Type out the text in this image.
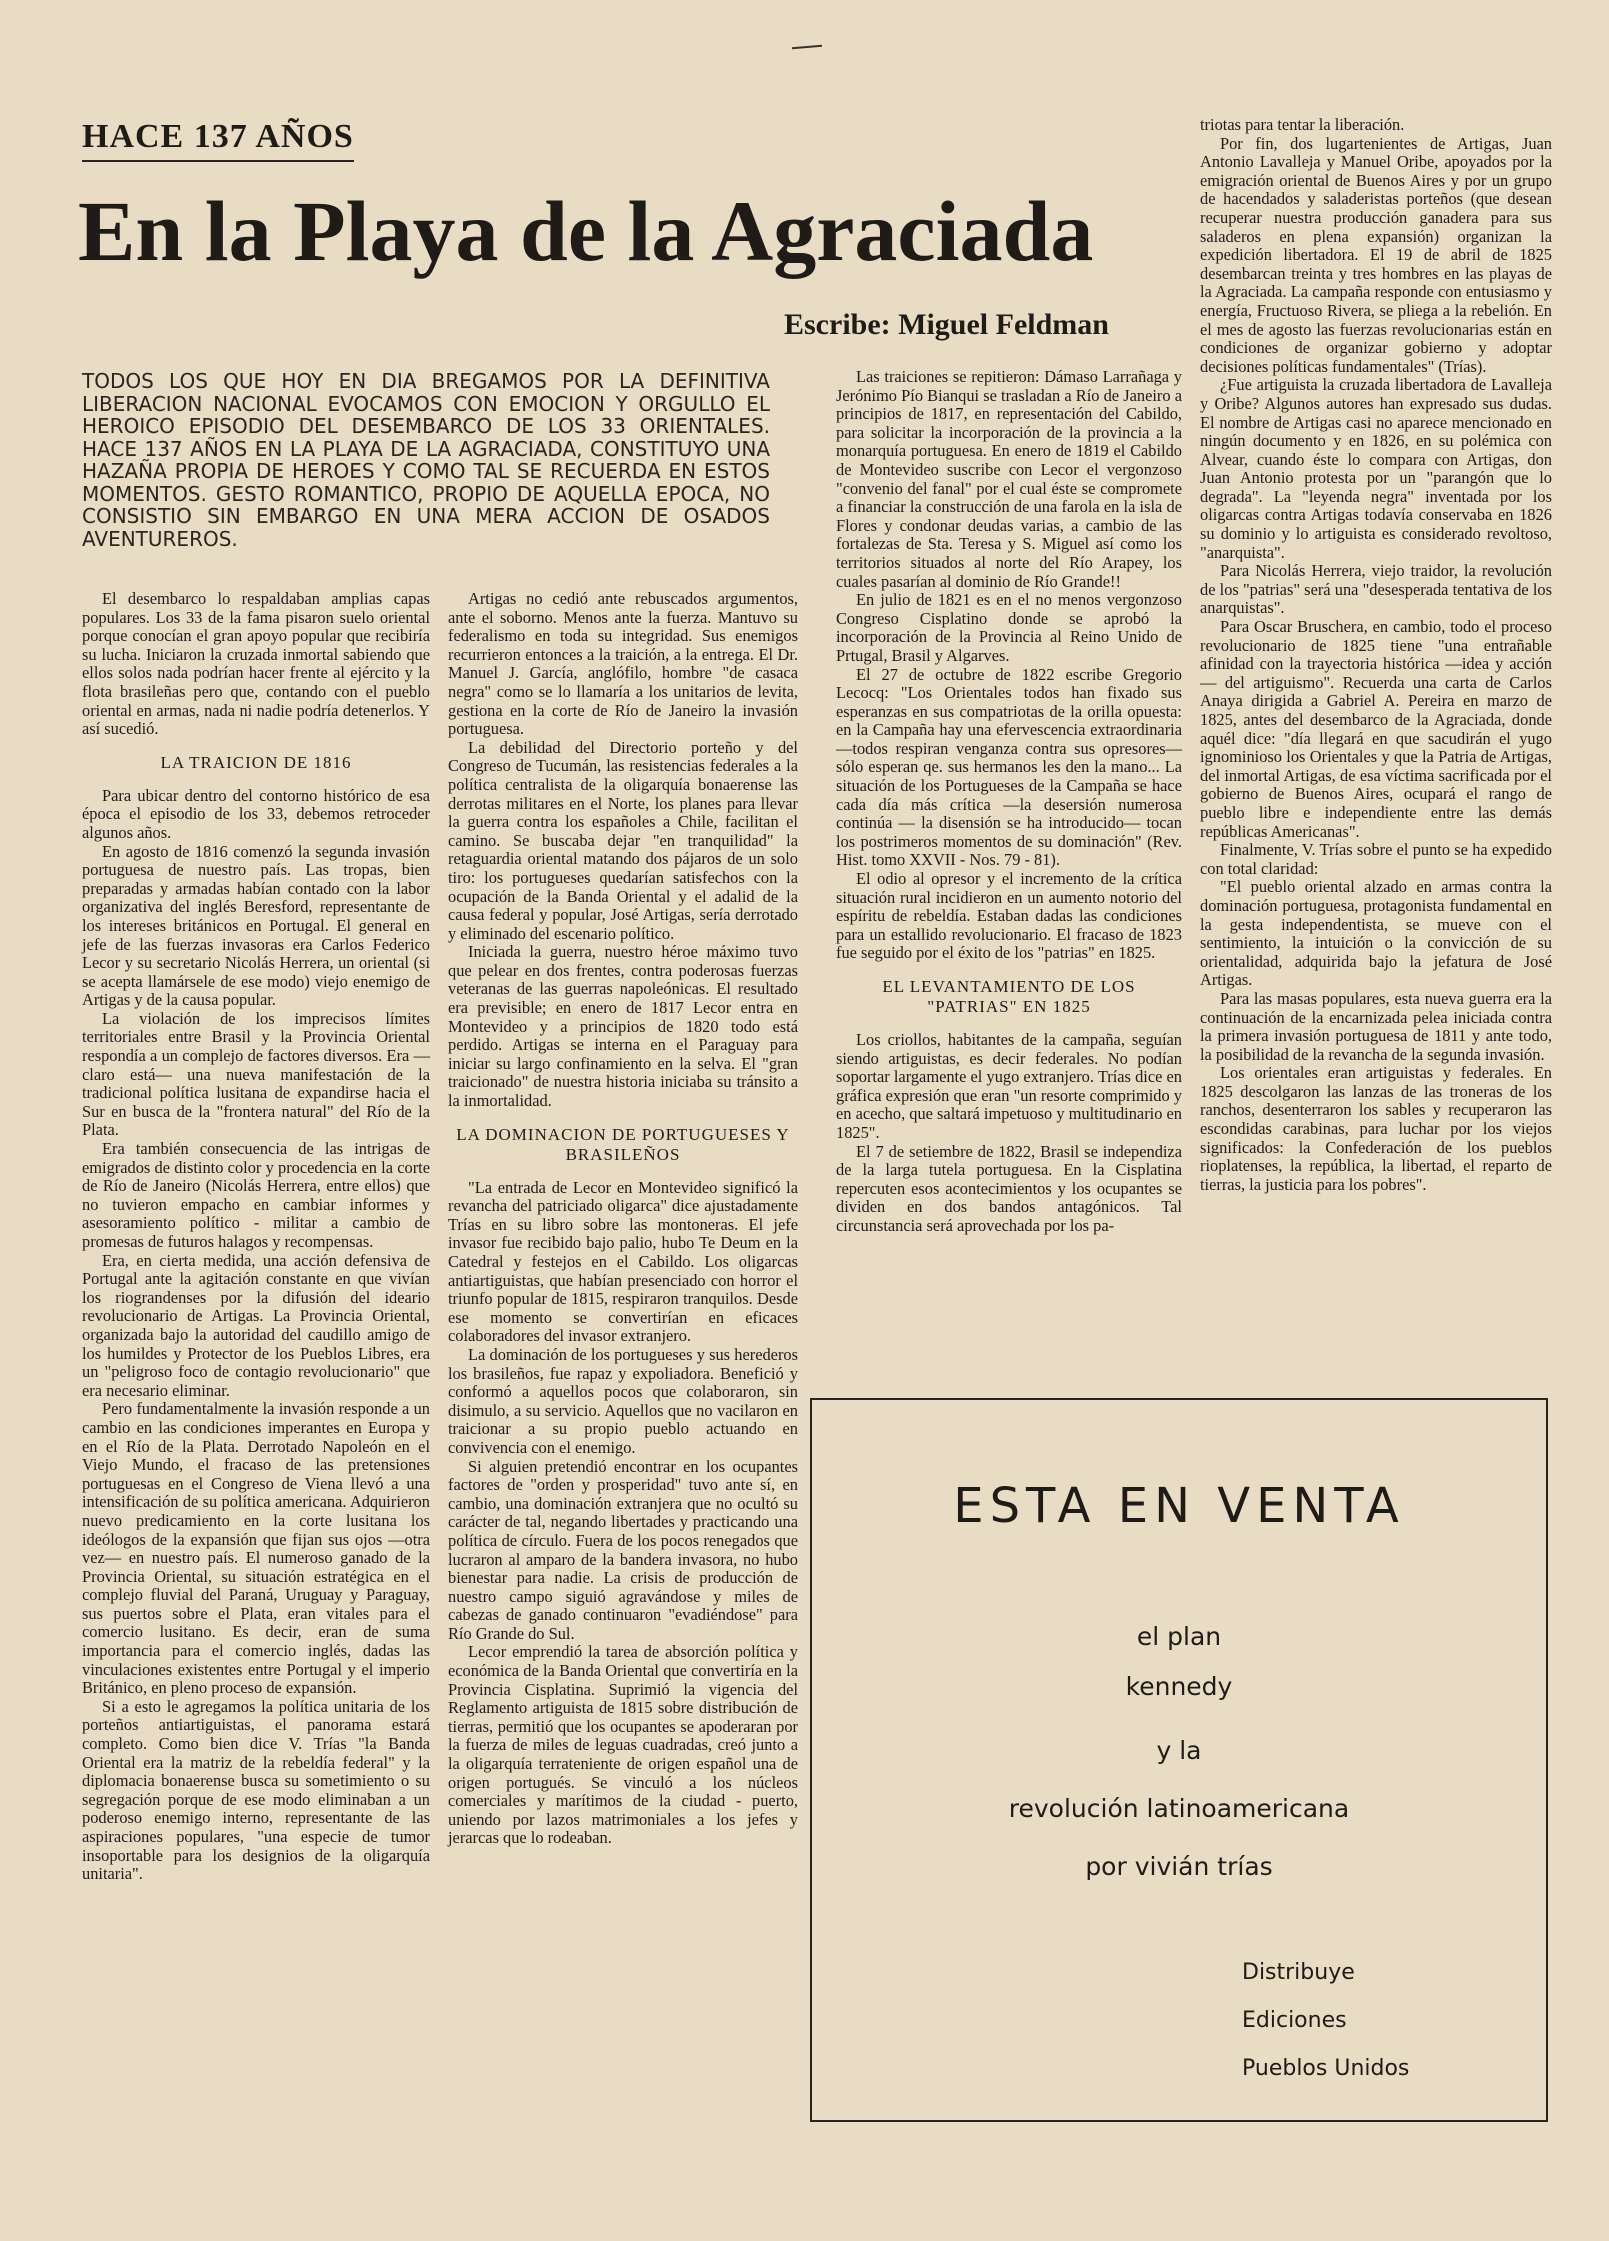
HACE 137 AÑOS
En la Playa de la Agraciada
Escribe: Miguel Feldman
TODOS LOS QUE HOY EN DIA BREGAMOS POR LA DEFINITIVA LIBERACION NACIONAL EVOCAMOS CON EMOCION Y ORGULLO EL HEROICO EPISODIO DEL DESEMBARCO DE LOS 33 ORIENTALES. HACE 137 AÑOS EN LA PLAYA DE LA AGRACIADA, CONSTITUYO UNA HAZAÑA PROPIA DE HEROES Y COMO TAL SE RECUERDA EN ESTOS MOMENTOS. GESTO ROMANTICO, PROPIO DE AQUELLA EPOCA, NO CONSISTIO SIN EMBARGO EN UNA MERA ACCION DE OSADOS AVENTUREROS.

El desembarco lo respaldaban amplias capas populares. Los 33 de la fama pisaron suelo oriental porque conocían el gran apoyo popular que recibiría su lucha. Iniciaron la cruzada inmortal sabiendo que ellos solos nada podrían hacer frente al ejército y la flota brasileñas pero que, contando con el pueblo oriental en armas, nada ni nadie podría detenerlos. Y así sucedió.

LA TRAICION DE 1816

Para ubicar dentro del contorno histórico de esa época el episodio de los 33, debemos retroceder algunos años.

En agosto de 1816 comenzó la segunda invasión portuguesa de nuestro país. Las tropas, bien preparadas y armadas habían contado con la labor organizativa del inglés Beresford, representante de los intereses británicos en Portugal. El general en jefe de las fuerzas invasoras era Carlos Federico Lecor y su secretario Nicolás Herrera, un oriental (si se acepta llamársele de ese modo) viejo enemigo de Artigas y de la causa popular.

La violación de los imprecisos límites territoriales entre Brasil y la Provincia Oriental respondía a un complejo de factores diversos. Era —claro está— una nueva manifestación de la tradicional política lusitana de expandirse hacia el Sur en busca de la "frontera natural" del Río de la Plata.

Era también consecuencia de las intrigas de emigrados de distinto color y procedencia en la corte de Río de Janeiro (Nicolás Herrera, entre ellos) que no tuvieron empacho en cambiar informes y asesoramiento político - militar a cambio de promesas de futuros halagos y recompensas.

Era, en cierta medida, una acción defensiva de Portugal ante la agitación constante en que vivían los riograndenses por la difusión del ideario revolucionario de Artigas. La Provincia Oriental, organizada bajo la autoridad del caudillo amigo de los humildes y Protector de los Pueblos Libres, era un "peligroso foco de contagio revolucionario" que era necesario eliminar.

Pero fundamentalmente la invasión responde a un cambio en las condiciones imperantes en Europa y en el Río de la Plata. Derrotado Napoleón en el Viejo Mundo, el fracaso de las pretensiones portuguesas en el Congreso de Viena llevó a una intensificación de su política americana. Adquirieron nuevo predicamiento en la corte lusitana los ideólogos de la expansión que fijan sus ojos —otra vez— en nuestro país. El numeroso ganado de la Provincia Oriental, su situación estratégica en el complejo fluvial del Paraná, Uruguay y Paraguay, sus puertos sobre el Plata, eran vitales para el comercio lusitano. Es decir, eran de suma importancia para el comercio inglés, dadas las vinculaciones existentes entre Portugal y el imperio Británico, en pleno proceso de expansión.

Si a esto le agregamos la política unitaria de los porteños antiartiguistas, el panorama estará completo. Como bien dice V. Trías "la Banda Oriental era la matriz de la rebeldía federal" y la diplomacia bonaerense busca su sometimiento o su segregación porque de ese modo eliminaban a un poderoso enemigo interno, representante de las aspiraciones populares, "una especie de tumor insoportable para los designios de la oligarquía unitaria".

Artigas no cedió ante rebuscados argumentos, ante el soborno. Menos ante la fuerza. Mantuvo su federalismo en toda su integridad. Sus enemigos recurrieron entonces a la traición, a la entrega. El Dr. Manuel J. García, anglófilo, hombre "de casaca negra" como se lo llamaría a los unitarios de levita, gestiona en la corte de Río de Janeiro la invasión portuguesa.

La debilidad del Directorio porteño y del Congreso de Tucumán, las resistencias federales a la política centralista de la oligarquía bonaerense las derrotas militares en el Norte, los planes para llevar la guerra contra los españoles a Chile, facilitan el camino. Se buscaba dejar "en tranquilidad" la retaguardia oriental matando dos pájaros de un solo tiro: los portugueses quedarían satisfechos con la ocupación de la Banda Oriental y el adalid de la causa federal y popular, José Artigas, sería derrotado y eliminado del escenario político.

Iniciada la guerra, nuestro héroe máximo tuvo que pelear en dos frentes, contra poderosas fuerzas veteranas de las guerras napoleónicas. El resultado era previsible; en enero de 1817 Lecor entra en Montevideo y a principios de 1820 todo está perdido. Artigas se interna en el Paraguay para iniciar su largo confinamiento en la selva. El "gran traicionado" de nuestra historia iniciaba su tránsito a la inmortalidad.

LA DOMINACION DE PORTUGUESES Y BRASILEÑOS

"La entrada de Lecor en Montevideo significó la revancha del patriciado oligarca" dice ajustadamente Trías en su libro sobre las montoneras. El jefe invasor fue recibido bajo palio, hubo Te Deum en la Catedral y festejos en el Cabildo. Los oligarcas antiartiguistas, que habían presenciado con horror el triunfo popular de 1815, respiraron tranquilos. Desde ese momento se convertirían en eficaces colaboradores del invasor extranjero.

La dominación de los portugueses y sus herederos los brasileños, fue rapaz y expoliadora. Benefició y conformó a aquellos pocos que colaboraron, sin disimulo, a su servicio. Aquellos que no vacilaron en traicionar a su propio pueblo actuando en convivencia con el enemigo.

Si alguien pretendió encontrar en los ocupantes factores de "orden y prosperidad" tuvo ante sí, en cambio, una dominación extranjera que no ocultó su carácter de tal, negando libertades y practicando una política de círculo. Fuera de los pocos renegados que lucraron al amparo de la bandera invasora, no hubo bienestar para nadie. La crisis de producción de nuestro campo siguió agravándose y miles de cabezas de ganado continuaron "evadiéndose" para Río Grande do Sul.

Lecor emprendió la tarea de absorción política y económica de la Banda Oriental que convertiría en la Provincia Cisplatina. Suprimió la vigencia del Reglamento artiguista de 1815 sobre distribución de tierras, permitió que los ocupantes se apoderaran por la fuerza de miles de leguas cuadradas, creó junto a la oligarquía terrateniente de origen español una de origen portugués. Se vinculó a los núcleos comerciales y marítimos de la ciudad - puerto, uniendo por lazos matrimoniales a los jefes y jerarcas que lo rodeaban.

Las traiciones se repitieron: Dámaso Larrañaga y Jerónimo Pío Bianqui se trasladan a Río de Janeiro a principios de 1817, en representación del Cabildo, para solicitar la incorporación de la provincia a la monarquía portuguesa. En enero de 1819 el Cabildo de Montevideo suscribe con Lecor el vergonzoso "convenio del fanal" por el cual éste se compromete a financiar la construcción de una farola en la isla de Flores y condonar deudas varias, a cambio de las fortalezas de Sta. Teresa y S. Miguel así como los territorios situados al norte del Río Arapey, los cuales pasarían al dominio de Río Grande!!

En julio de 1821 es en el no menos vergonzoso Congreso Cisplatino donde se aprobó la incorporación de la Provincia al Reino Unido de Prtugal, Brasil y Algarves.

El 27 de octubre de 1822 escribe Gregorio Lecocq: "Los Orientales todos han fixado sus esperanzas en sus compatriotas de la orilla opuesta: en la Campaña hay una efervescencia extraordinaria —todos respiran venganza contra sus opresores— sólo esperan qe. sus hermanos les den la mano... La situación de los Portugueses de la Campaña se hace cada día más crítica —la desersión numerosa continúa — la disensión se ha introducido— tocan los postrimeros momentos de su dominación" (Rev. Hist. tomo XXVII - Nos. 79 - 81).

El odio al opresor y el incremento de la crítica situación rural incidieron en un aumento notorio del espíritu de rebeldía. Estaban dadas las condiciones para un estallido revolucionario. El fracaso de 1823 fue seguido por el éxito de los "patrias" en 1825.

EL LEVANTAMIENTO DE LOS "PATRIAS" EN 1825

Los criollos, habitantes de la campaña, seguían siendo artiguistas, es decir federales. No podían soportar largamente el yugo extranjero. Trías dice en gráfica expresión que eran "un resorte comprimido y en acecho, que saltará impetuoso y multitudinario en 1825".

El 7 de setiembre de 1822, Brasil se independiza de la larga tutela portuguesa. En la Cisplatina repercuten esos acontecimientos y los ocupantes se dividen en dos bandos antagónicos. Tal circunstancia será aprovechada por los pa-

triotas para tentar la liberación.

Por fin, dos lugartenientes de Artigas, Juan Antonio Lavalleja y Manuel Oribe, apoyados por la emigración oriental de Buenos Aires y por un grupo de hacendados y saladeristas porteños (que desean recuperar nuestra producción ganadera para sus saladeros en plena expansión) organizan la expedición libertadora. El 19 de abril de 1825 desembarcan treinta y tres hombres en las playas de la Agraciada. La campaña responde con entusiasmo y energía, Fructuoso Rivera, se pliega a la rebelión. En el mes de agosto las fuerzas revolucionarias están en condiciones de organizar gobierno y adoptar decisiones políticas fundamentales" (Trías).

¿Fue artiguista la cruzada libertadora de Lavalleja y Oribe? Algunos autores han expresado sus dudas. El nombre de Artigas casi no aparece mencionado en ningún documento y en 1826, en su polémica con Alvear, cuando éste lo compara con Artigas, don Juan Antonio protesta por un "parangón que lo degrada". La "leyenda negra" inventada por los oligarcas contra Artigas todavía conservaba en 1826 su dominio y lo artiguista es considerado revoltoso, "anarquista".

Para Nicolás Herrera, viejo traidor, la revolución de los "patrias" será una "desesperada tentativa de los anarquistas".

Para Oscar Bruschera, en cambio, todo el proceso revolucionario de 1825 tiene "una entrañable afinidad con la trayectoria histórica —idea y acción— del artiguismo". Recuerda una carta de Carlos Anaya dirigida a Gabriel A. Pereira en marzo de 1825, antes del desembarco de la Agraciada, donde aquél dice: "día llegará en que sacudirán el yugo ignominioso los Orientales y que la Patria de Artigas, del inmortal Artigas, de esa víctima sacrificada por el gobierno de Buenos Aires, ocupará el rango de pueblo libre e independiente entre las demás repúblicas Americanas".

Finalmente, V. Trías sobre el punto se ha expedido con total claridad:

"El pueblo oriental alzado en armas contra la dominación portuguesa, protagonista fundamental en la gesta independentista, se mueve con el sentimiento, la intuición o la convicción de su orientalidad, adquirida bajo la jefatura de José Artigas.

Para las masas populares, esta nueva guerra era la continuación de la encarnizada pelea iniciada contra la primera invasión portuguesa de 1811 y ante todo, la posibilidad de la revancha de la segunda invasión.

Los orientales eran artiguistas y federales. En 1825 descolgaron las lanzas de las troneras de los ranchos, desenterraron los sables y recuperaron las escondidas carabinas, para luchar por los viejos significados: la Confederación de los pueblos rioplatenses, la república, la libertad, el reparto de tierras, la justicia para los pobres".

ESTA EN VENTA
el plan
kennedy
y la
revolución latinoamericana
por vivián trías
Distribuye
Ediciones
Pueblos Unidos
